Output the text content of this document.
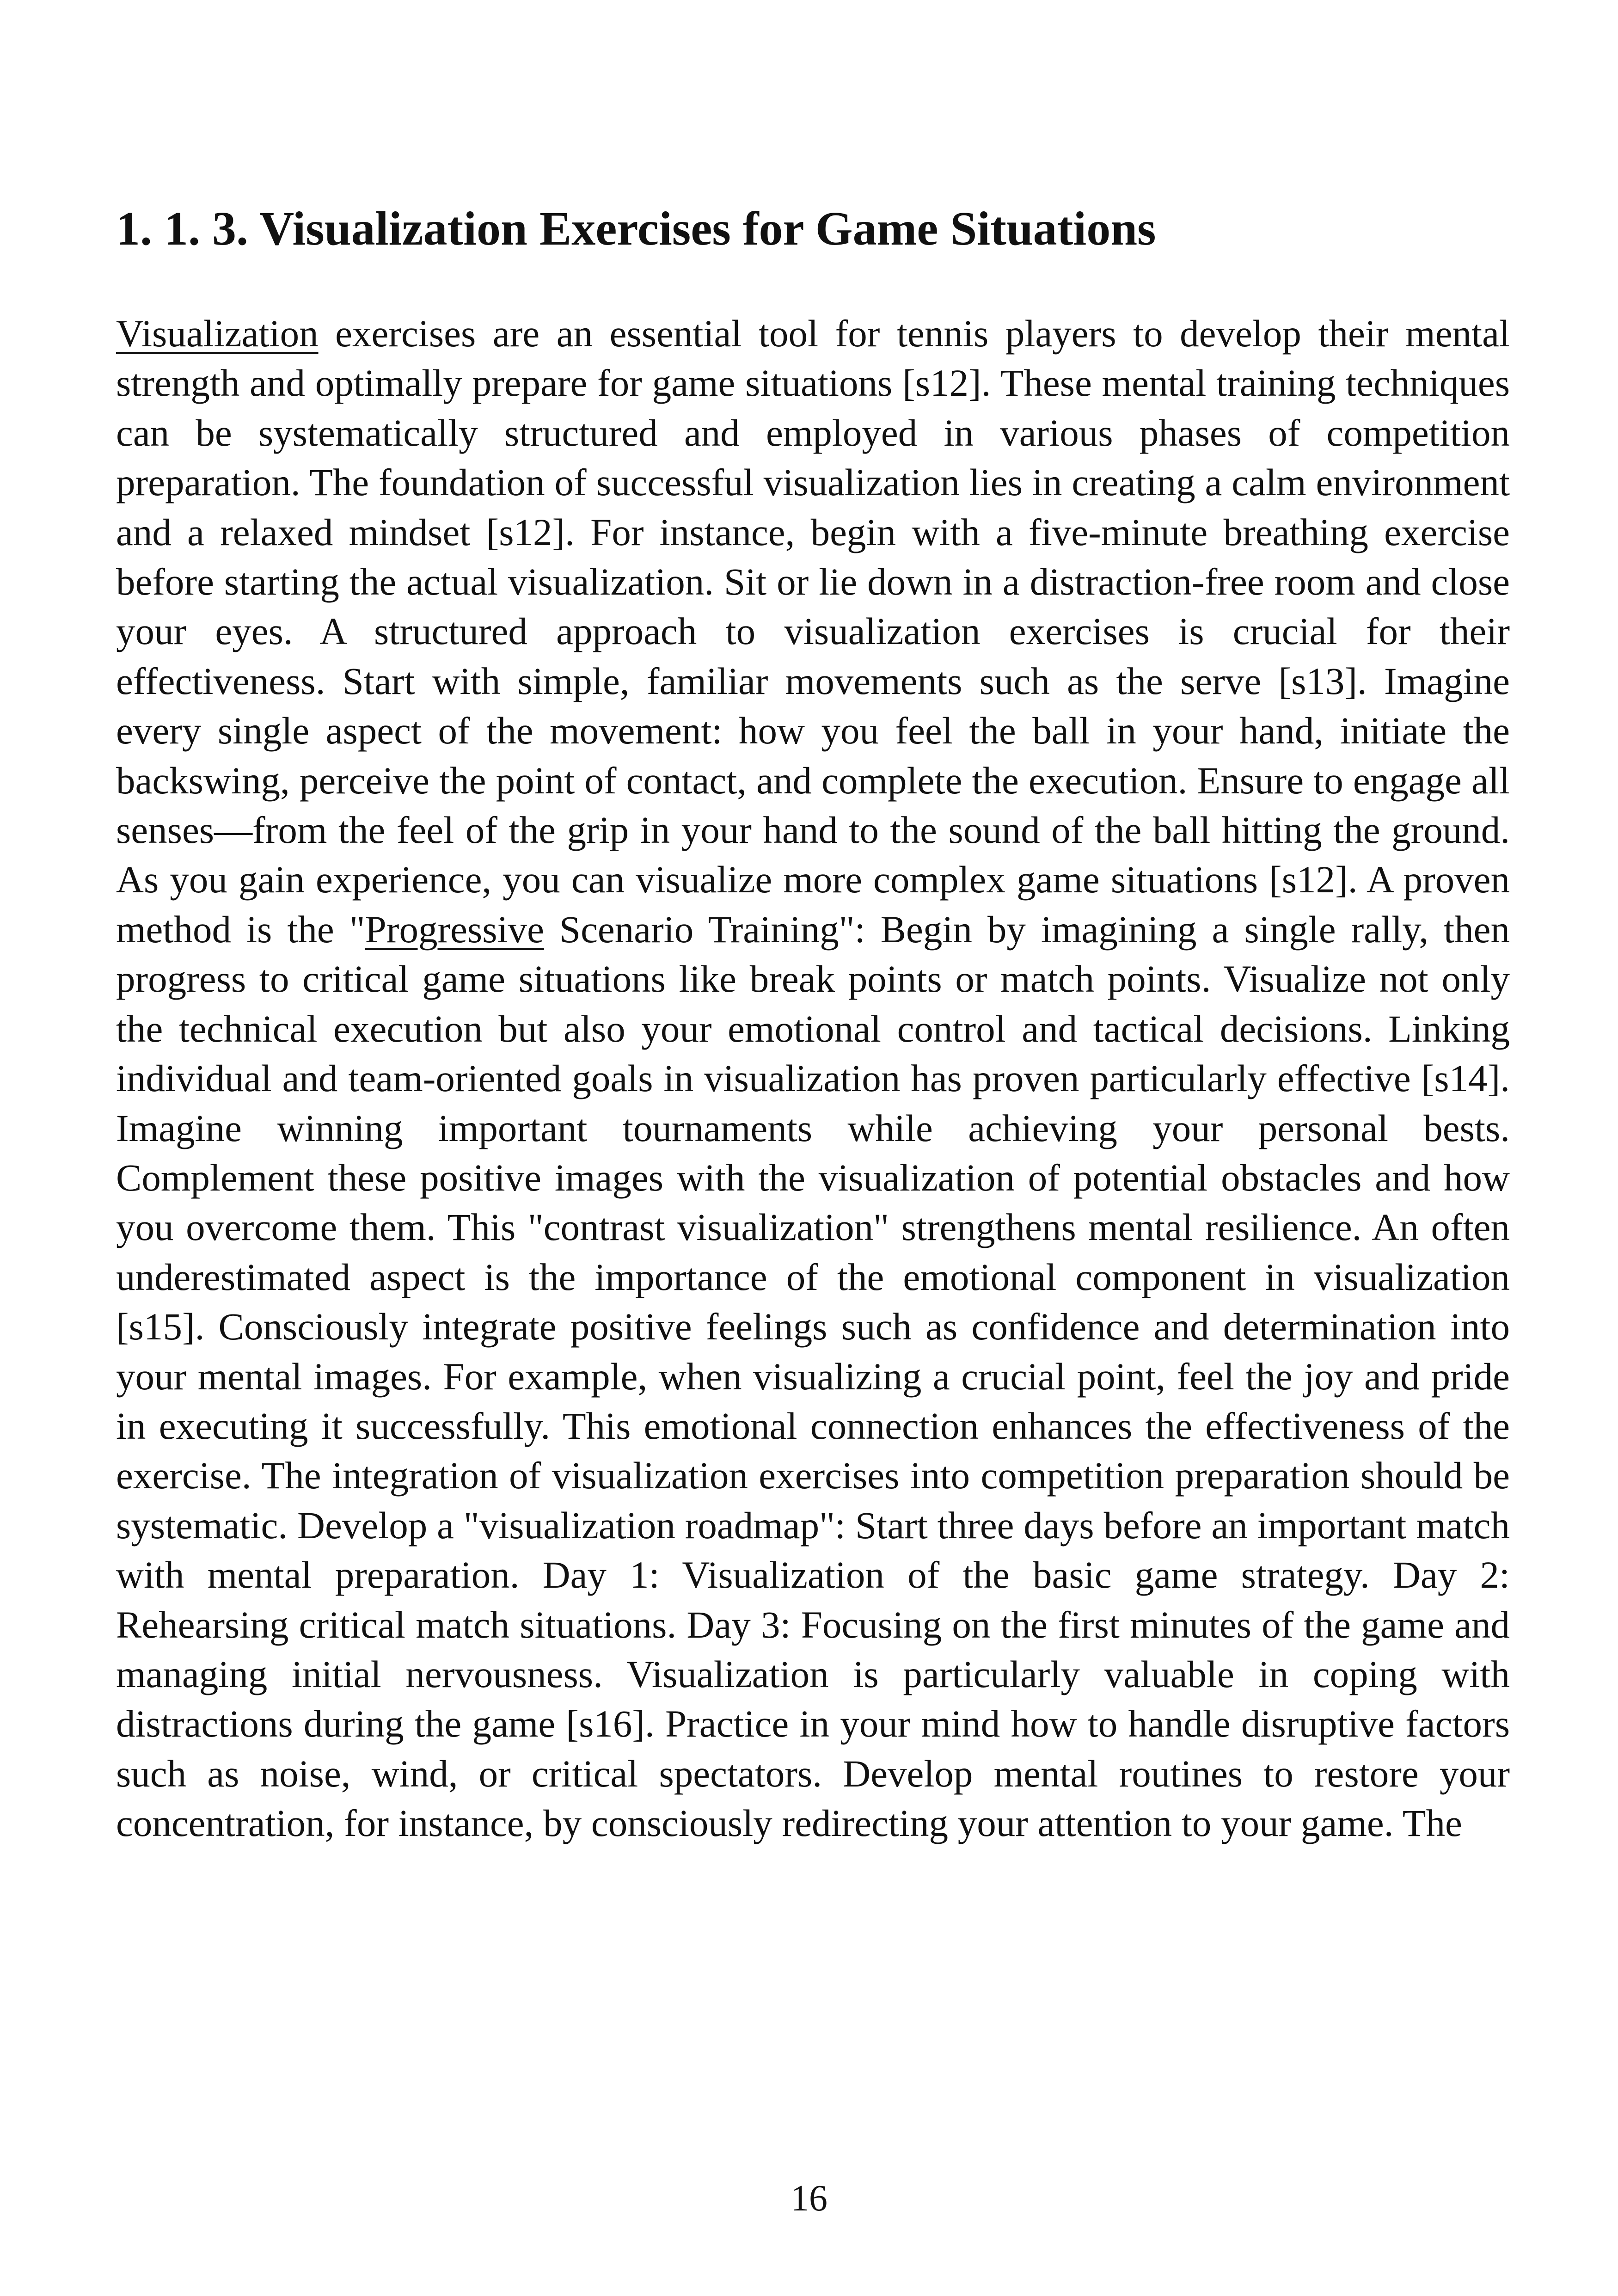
1. 1. 3. Visualization Exercises for Game Situations

Visualization exercises are an essential tool for tennis players to develop their mental strength and optimally prepare for game situations [s12]. These mental training techniques can be systematically structured and employed in various phases of competition preparation. The foundation of successful visualization lies in creating a calm environment and a relaxed mindset [s12]. For instance, begin with a five-minute breathing exercise before starting the actual visualization. Sit or lie down in a distraction-free room and close your eyes. A structured approach to visualization exercises is crucial for their effectiveness. Start with simple, familiar movements such as the serve [s13]. Imagine every single aspect of the movement: how you feel the ball in your hand, initiate the backswing, perceive the point of contact, and complete the execution. Ensure to engage all senses—from the feel of the grip in your hand to the sound of the ball hitting the ground. As you gain experience, you can visualize more complex game situations [s12]. A proven method is the "Progressive Scenario Training": Begin by imagining a single rally, then progress to critical game situations like break points or match points. Visualize not only the technical execution but also your emotional control and tactical decisions. Linking individual and team-oriented goals in visualization has proven particularly effective [s14]. Imagine winning important tournaments while achieving your personal bests. Complement these positive images with the visualization of potential obstacles and how you overcome them. This "contrast visualization" strengthens mental resilience. An often underestimated aspect is the importance of the emotional component in visualization [s15]. Consciously integrate positive feelings such as confidence and determination into your mental images. For example, when visualizing a crucial point, feel the joy and pride in executing it successfully. This emotional connection enhances the effectiveness of the exercise. The integration of visualization exercises into competition preparation should be systematic. Develop a "visualization roadmap": Start three days before an important match with mental preparation. Day 1: Visualization of the basic game strategy. Day 2: Rehearsing critical match situations. Day 3: Focusing on the first minutes of the game and managing initial nervousness. Visualization is particularly valuable in coping with distractions during the game [s16]. Practice in your mind how to handle disruptive factors such as noise, wind, or critical spectators. Develop mental routines to restore your concentration, for instance, by consciously redirecting your attention to your game. The

16
